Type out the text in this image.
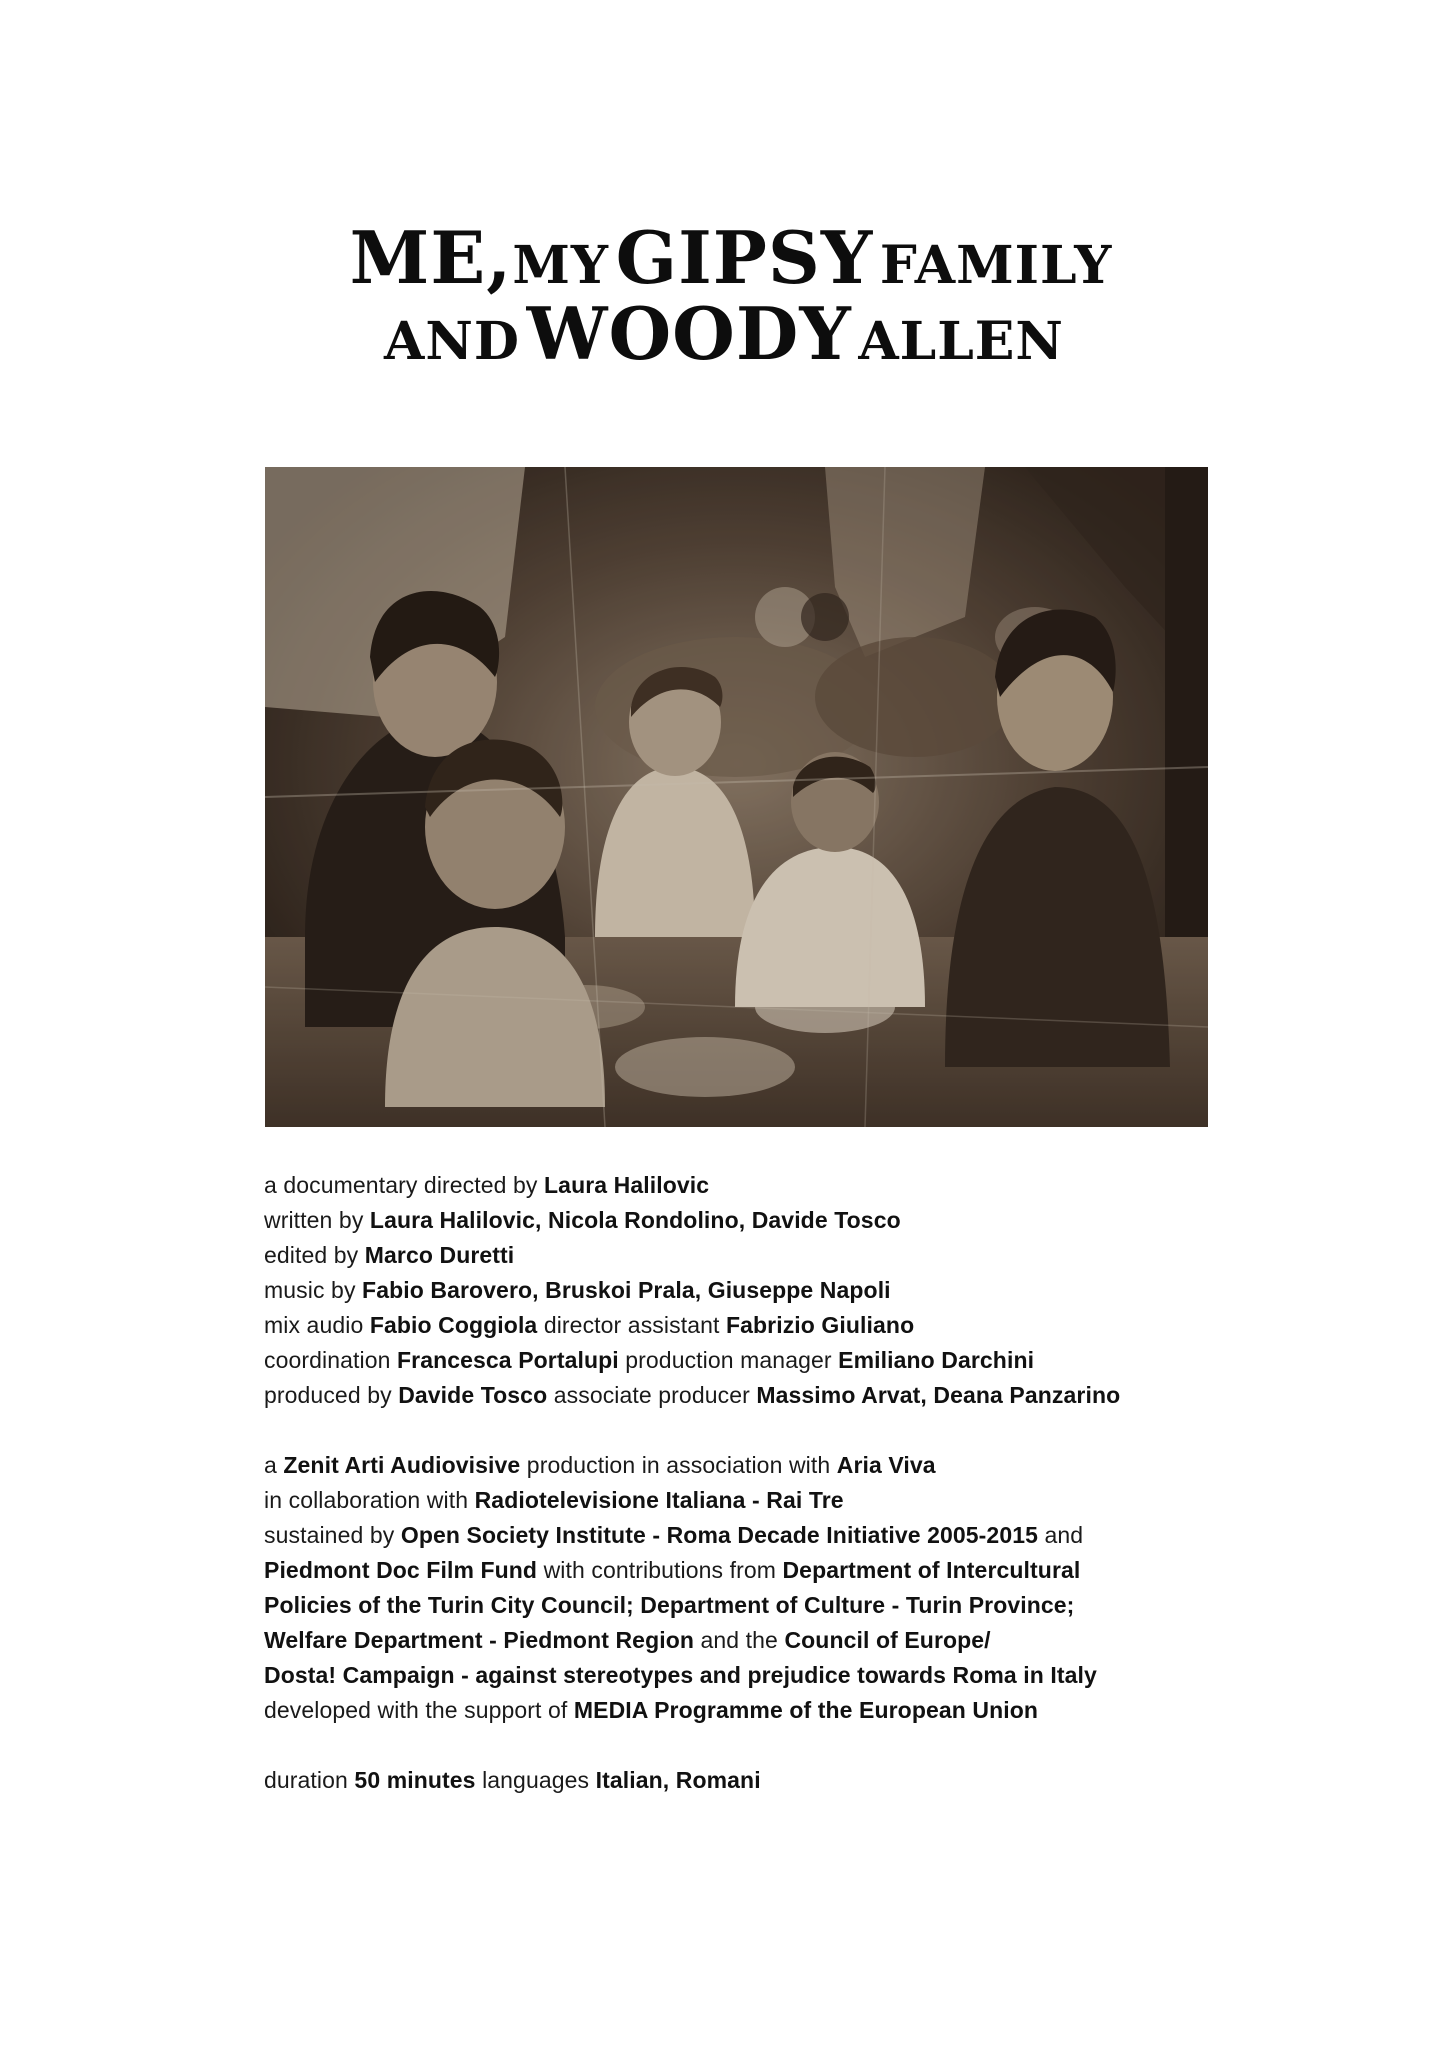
ME,MY GIPSY FAMILY
AND WOODY ALLEN
a documentary directed by Laura Halilovic
written by Laura Halilovic, Nicola Rondolino, Davide Tosco
edited by Marco Duretti
music by Fabio Barovero, Bruskoi Prala, Giuseppe Napoli
mix audio Fabio Coggiola director assistant Fabrizio Giuliano
coordination Francesca Portalupi production manager Emiliano Darchini
produced by Davide Tosco associate producer Massimo Arvat, Deana Panzarino
a Zenit Arti Audiovisive production in association with Aria Viva
in collaboration with Radiotelevisione Italiana - Rai Tre
sustained by Open Society Institute - Roma Decade Initiative 2005-2015 and
Piedmont Doc Film Fund with contributions from Department of Intercultural
Policies of the Turin City Council; Department of Culture - Turin Province;
Welfare Department - Piedmont Region and the Council of Europe/
Dosta! Campaign - against stereotypes and prejudice towards Roma in Italy
developed with the support of MEDIA Programme of the European Union
duration 50 minutes languages Italian, Romani
